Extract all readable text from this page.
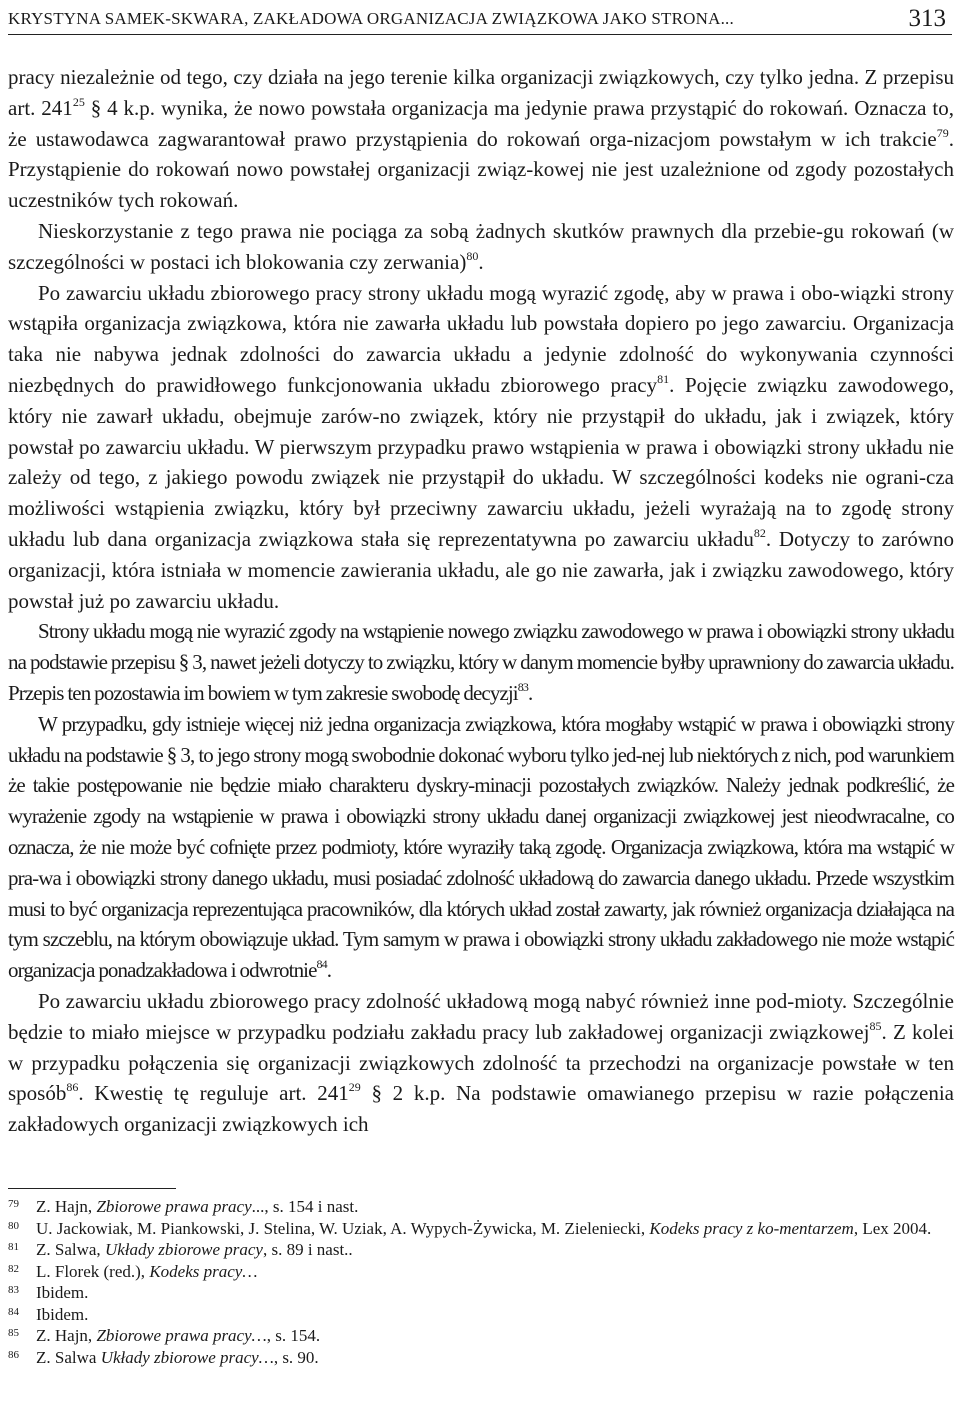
KRYSTYNA SAMEK-SKWARA, ZAKŁADOWA ORGANIZACJA ZWIĄZKOWA JAKO STRONA...	313

pracy niezależnie od tego, czy działa na jego terenie kilka organizacji związkowych, czy tylko jedna. Z przepisu art. $241^{25}$ § 4 k.p. wynika, że nowo powstała organizacja ma jedynie prawa przystąpić do rokowań. Oznacza to, że ustawodawca zagwarantował prawo przystąpienia do rokowań orga-nizacjom powstałym w ich trakcie$^{79}$. Przystąpienie do rokowań nowo powstałej organizacji związ-kowej nie jest uzależnione od zgody pozostałych uczestników tych rokowań.

Nieskorzystanie z tego prawa nie pociąga za sobą żadnych skutków prawnych dla przebie-gu rokowań (w szczególności w postaci ich blokowania czy zerwania)$^{80}$.

Po zawarciu układu zbiorowego pracy strony układu mogą wyrazić zgodę, aby w prawa i obo-wiązki strony wstąpiła organizacja związkowa, która nie zawarła układu lub powstała dopiero po jego zawarciu. Organizacja taka nie nabywa jednak zdolności do zawarcia układu a jedynie zdolność do wykonywania czynności niezbędnych do prawidłowego funkcjonowania układu zbiorowego pracy$^{81}$. Pojęcie związku zawodowego, który nie zawarł układu, obejmuje zarów-no związek, który nie przystąpił do układu, jak i związek, który powstał po zawarciu układu. W pierwszym przypadku prawo wstąpienia w prawa i obowiązki strony układu nie zależy od tego, z jakiego powodu związek nie przystąpił do układu. W szczególności kodeks nie ograni-cza możliwości wstąpienia związku, który był przeciwny zawarciu układu, jeżeli wyrażają na to zgodę strony układu lub dana organizacja związkowa stała się reprezentatywna po zawarciu układu$^{82}$. Dotyczy to zarówno organizacji, która istniała w momencie zawierania układu, ale go nie zawarła, jak i związku zawodowego, który powstał już po zawarciu układu.

Strony układu mogą nie wyrazić zgody na wstąpienie nowego związku zawodowego w prawa i obowiązki strony układu na podstawie przepisu § 3, nawet jeżeli dotyczy to związku, który w danym momencie byłby uprawniony do zawarcia układu. Przepis ten pozostawia im bowiem w tym zakresie swobodę decyzji$^{83}$.

W przypadku, gdy istnieje więcej niż jedna organizacja związkowa, która mogłaby wstąpić w prawa i obowiązki strony układu na podstawie § 3, to jego strony mogą swobodnie dokonać wyboru tylko jed-nej lub niektórych z nich, pod warunkiem że takie postępowanie nie będzie miało charakteru dyskry-minacji pozostałych związków. Należy jednak podkreślić, że wyrażenie zgody na wstąpienie w prawa i obowiązki strony układu danej organizacji związkowej jest nieodwracalne, co oznacza, że nie może być cofnięte przez podmioty, które wyraziły taką zgodę. Organizacja związkowa, która ma wstąpić w pra-wa i obowiązki strony danego układu, musi posiadać zdolność układową do zawarcia danego układu. Przede wszystkim musi to być organizacja reprezentująca pracowników, dla których układ został zawarty, jak również organizacja działająca na tym szczeblu, na którym obowiązuje układ. Tym samym w prawa i obowiązki strony układu zakładowego nie może wstąpić organizacja ponadzakładowa i odwrotnie$^{84}$.

Po zawarciu układu zbiorowego pracy zdolność układową mogą nabyć również inne pod-mioty. Szczególnie będzie to miało miejsce w przypadku podziału zakładu pracy lub zakładowej organizacji związkowej$^{85}$. Z kolei w przypadku połączenia się organizacji związkowych zdolność ta przechodzi na organizacje powstałe w ten sposób$^{86}$. Kwestię tę reguluje art. $241^{29}$ § 2 k.p. Na podstawie omawianego przepisu w razie połączenia zakładowych organizacji związkowych ich

79 Z. Hajn, Zbiorowe prawa pracy..., s. 154 i nast.
80 U. Jackowiak, M. Piankowski, J. Stelina, W. Uziak, A. Wypych-Żywicka, M. Zieleniecki, Kodeks pracy z ko-mentarzem, Lex 2004.
81 Z. Salwa, Układy zbiorowe pracy, s. 89 i nast..
82 L. Florek (red.), Kodeks pracy…
83 Ibidem.
84 Ibidem.
85 Z. Hajn, Zbiorowe prawa pracy…, s. 154.
86 Z. Salwa Układy zbiorowe pracy…, s. 90.
